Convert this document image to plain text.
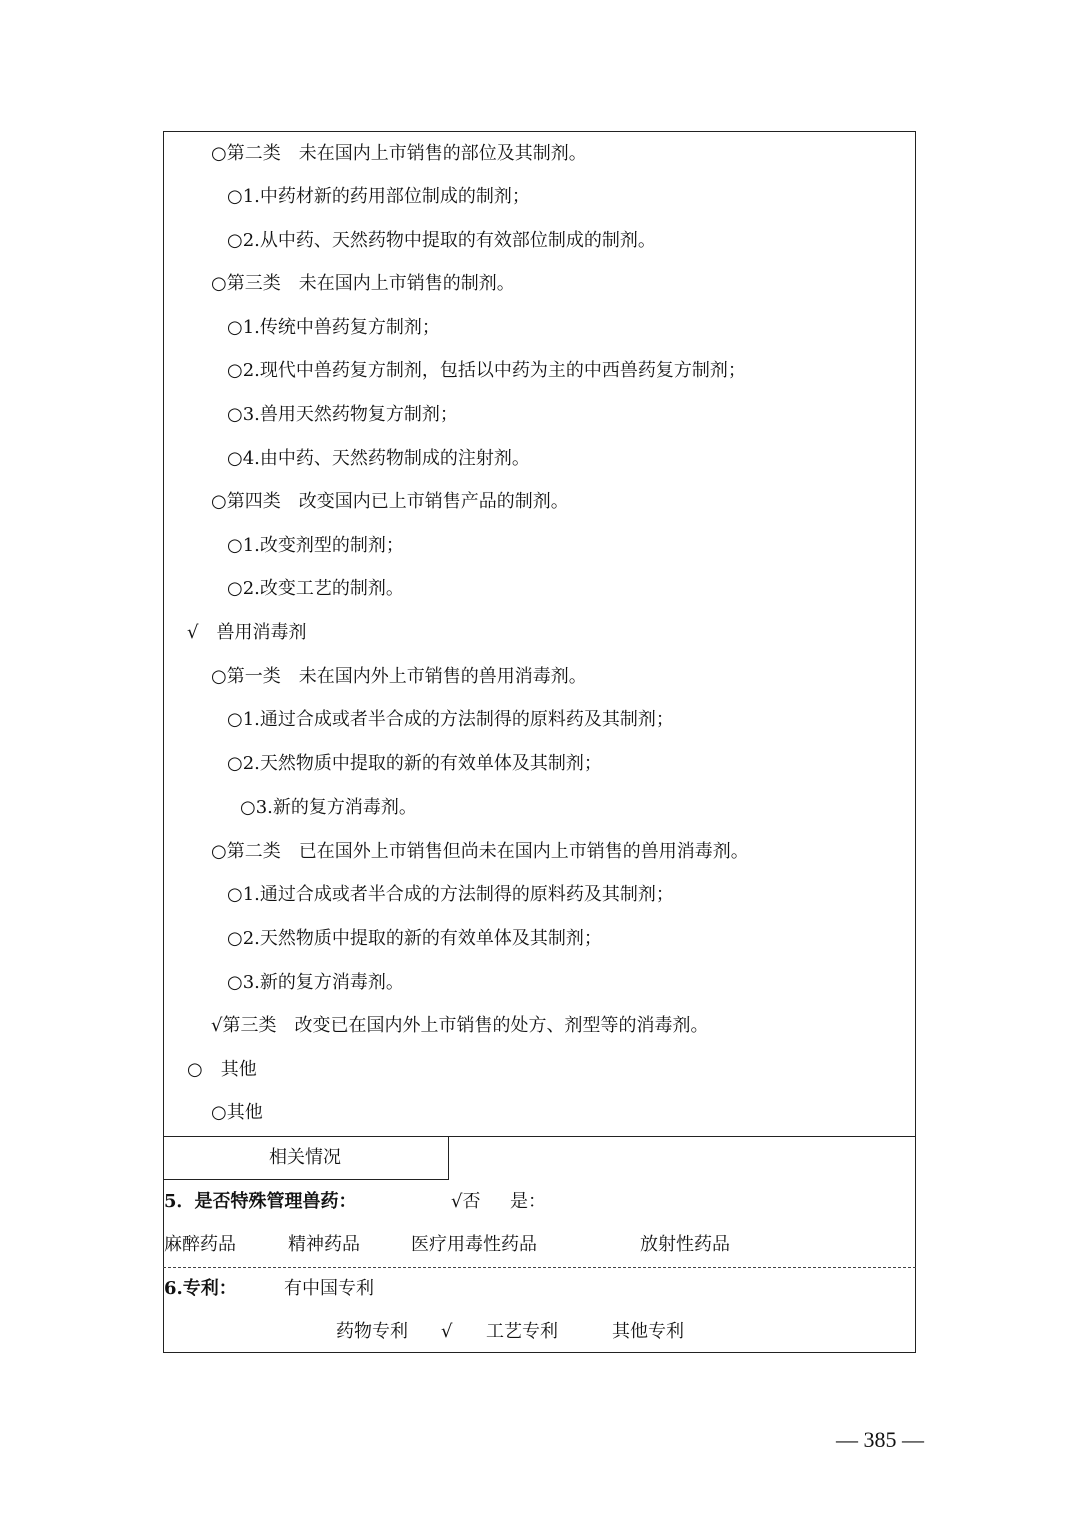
○第二类　未在国内上市销售的部位及其制剂。
○1.中药材新的药用部位制成的制剂；
○2.从中药、天然药物中提取的有效部位制成的制剂。
○第三类　未在国内上市销售的制剂。
○1.传统中兽药复方制剂；
○2.现代中兽药复方制剂，包括以中药为主的中西兽药复方制剂；
○3.兽用天然药物复方制剂；
○4.由中药、天然药物制成的注射剂。
○第四类　改变国内已上市销售产品的制剂。
○1.改变剂型的制剂；
○2.改变工艺的制剂。
√　兽用消毒剂
○第一类　未在国内外上市销售的兽用消毒剂。
○1.通过合成或者半合成的方法制得的原料药及其制剂；
○2.天然物质中提取的新的有效单体及其制剂；
○3.新的复方消毒剂。
○第二类　已在国外上市销售但尚未在国内上市销售的兽用消毒剂。
○1.通过合成或者半合成的方法制得的原料药及其制剂；
○2.天然物质中提取的新的有效单体及其制剂；
○3.新的复方消毒剂。
√第三类　改变已在国内外上市销售的处方、剂型等的消毒剂。
○　其他
○其他
相关情况
5．是否特殊管理兽药：	√否 是：
麻醉药品	精神药品	医疗用毒性药品	放射性药品
6.专利：	有中国专利
药物专利 √ 工艺专利	其他专利
— 385 —
